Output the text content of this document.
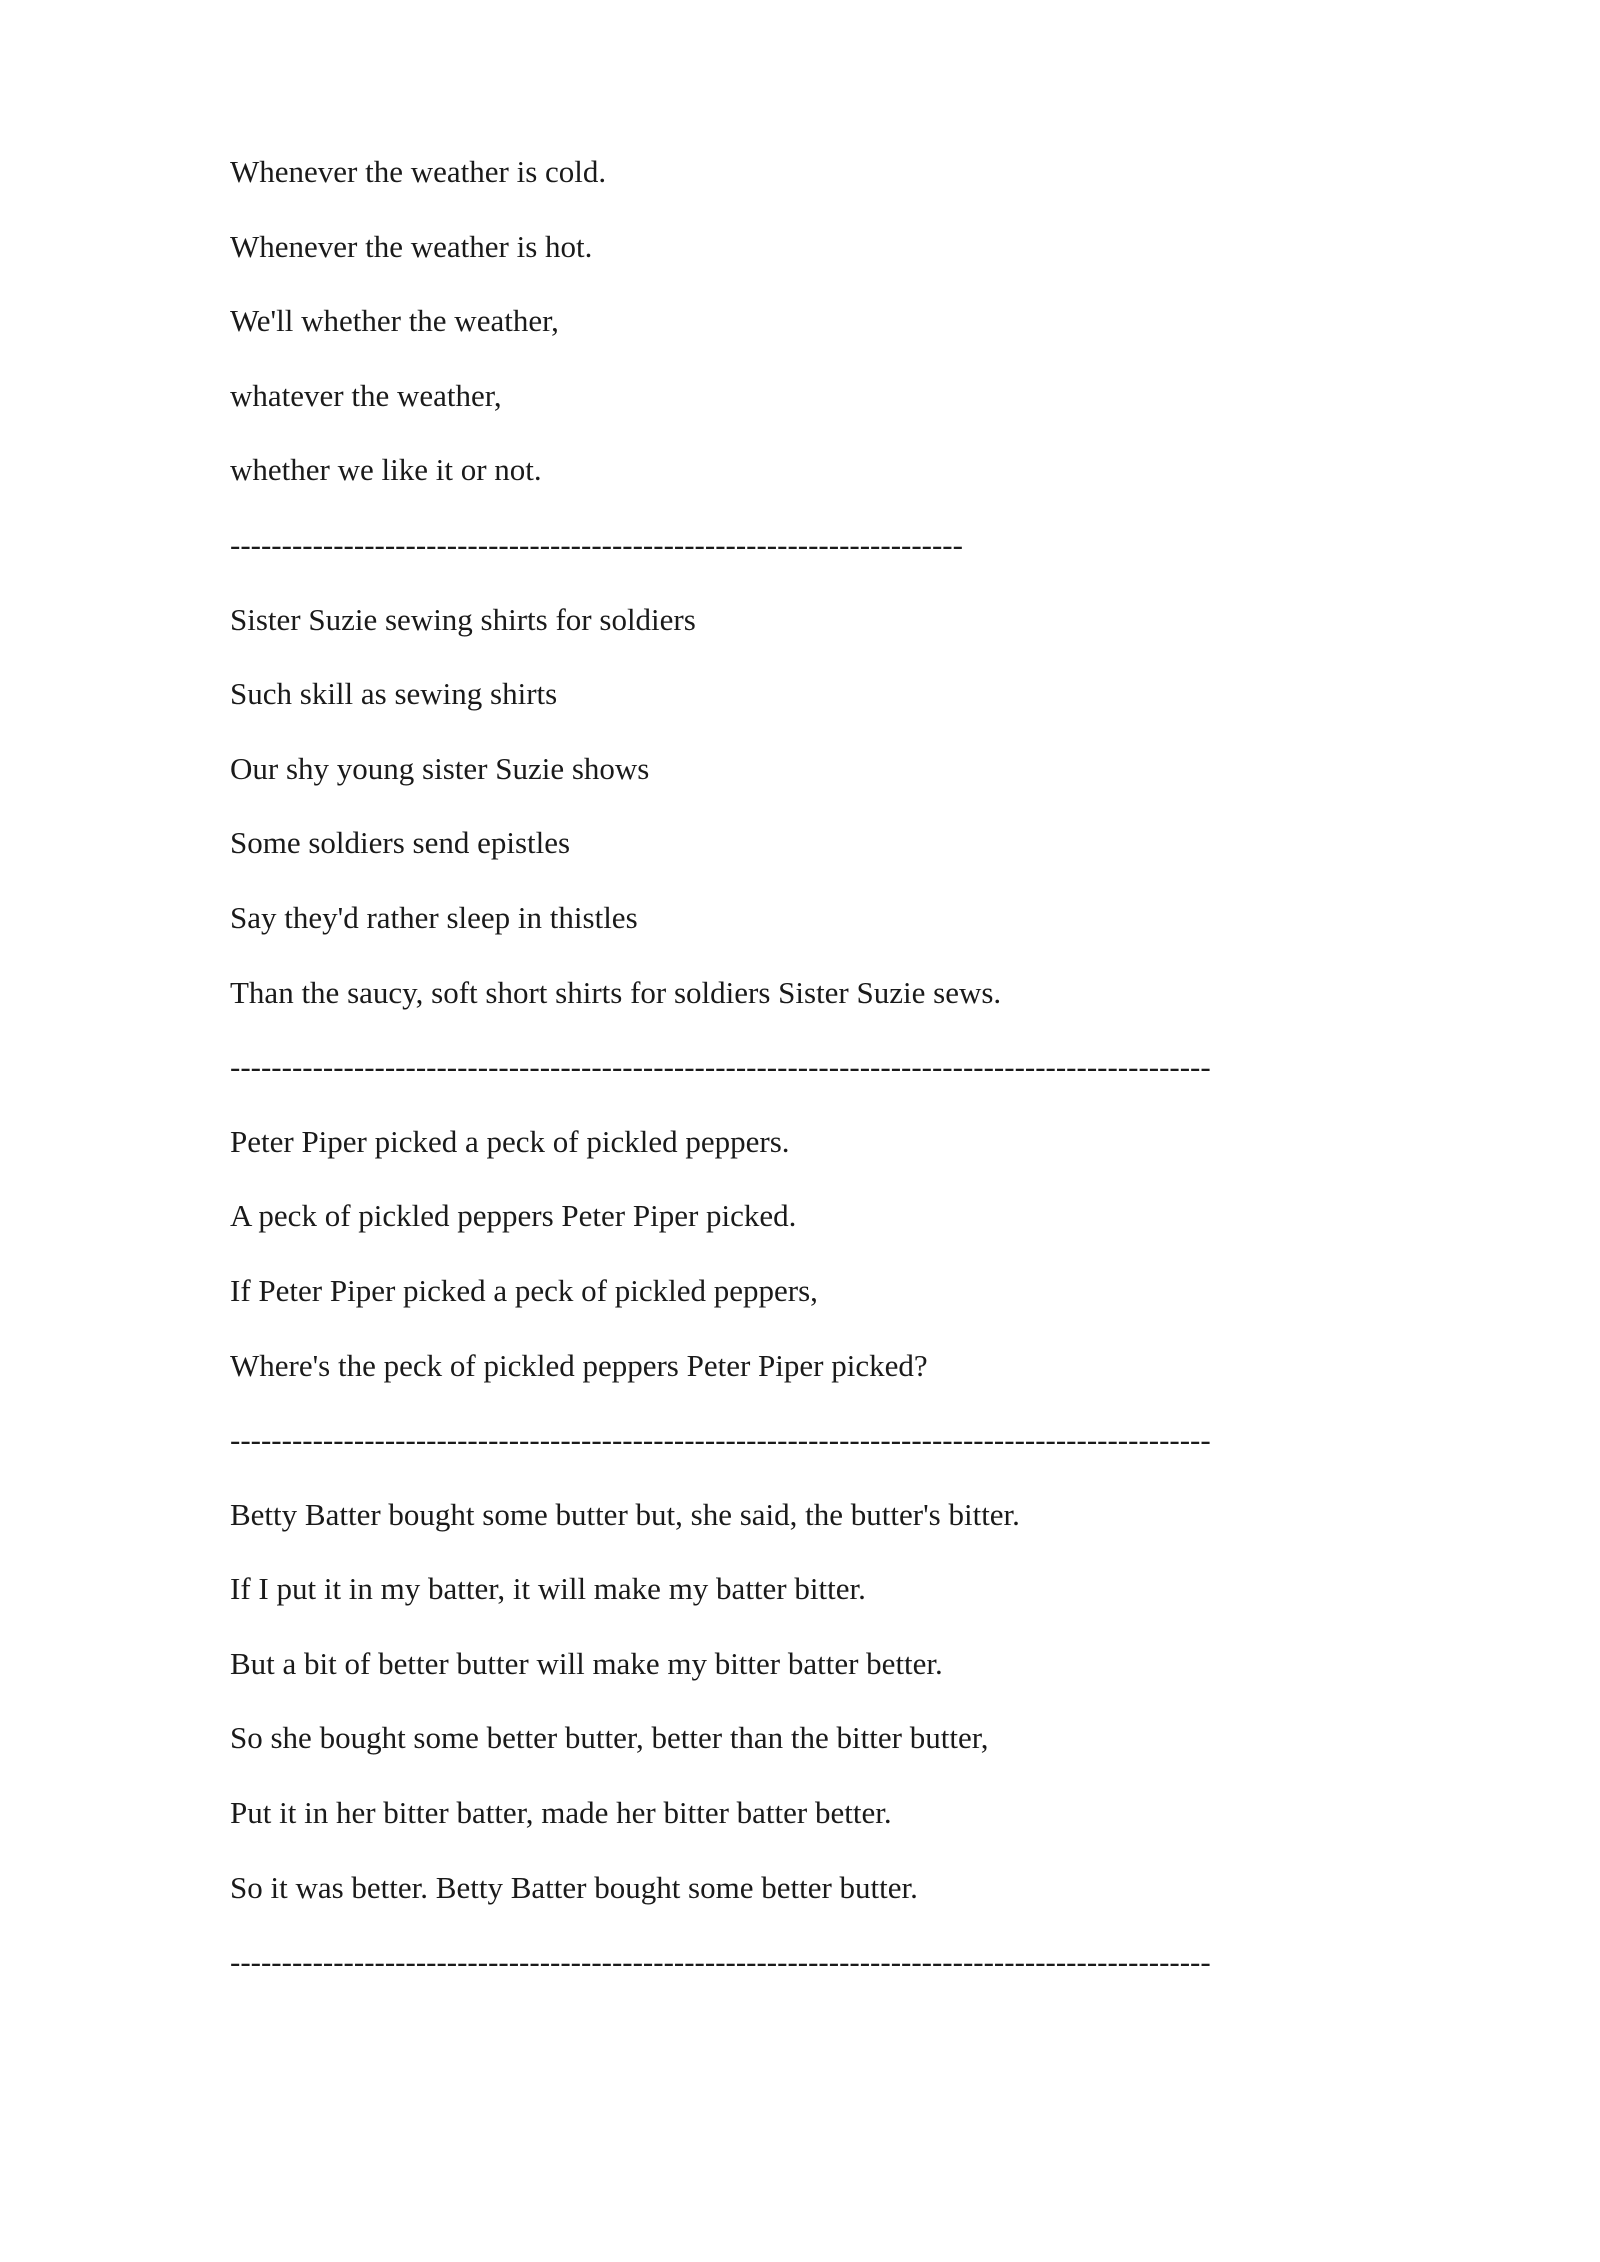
Whenever the weather is cold.
Whenever the weather is hot.
We'll whether the weather,
whatever the weather,
whether we like it or not.
-----------------------------------------------------------------------
Sister Suzie sewing shirts for soldiers
Such skill as sewing shirts
Our shy young sister Suzie shows
Some soldiers send epistles
Say they'd rather sleep in thistles
Than the saucy, soft short shirts for soldiers Sister Suzie sews.
-----------------------------------------------------------------------------------------------
Peter Piper picked a peck of pickled peppers.
A peck of pickled peppers Peter Piper picked.
If Peter Piper picked a peck of pickled peppers,
Where's the peck of pickled peppers Peter Piper picked?
-----------------------------------------------------------------------------------------------
Betty Batter bought some butter but, she said, the butter's bitter.
If I put it in my batter, it will make my batter bitter.
But a bit of better butter will make my bitter batter better.
So she bought some better butter, better than the bitter butter,
Put it in her bitter batter, made her bitter batter better.
So it was better. Betty Batter bought some better butter.
-----------------------------------------------------------------------------------------------
